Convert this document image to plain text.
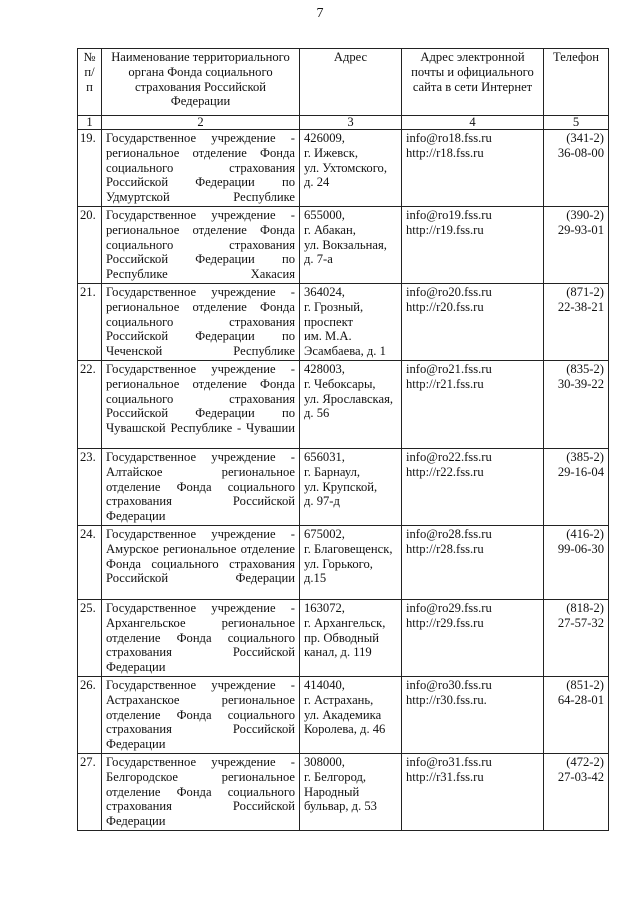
7
№ п/п	Наименование территориального органа Фонда социального страхования Российской Федерации	Адрес	Адрес электронной почты и официального сайта в сети Интернет	Телефон
1	2	3	4	5
19.	Государственное учреждение - региональное отделение Фонда социального страхования Российской Федерации по Удмуртской Республике	426009,
г. Ижевск,
ул. Ухтомского,
д. 24	info@ro18.fss.ru
http://r18.fss.ru	(341-2)
36-08-00

20.	Государственное учреждение - региональное отделение Фонда социального страхования Российской Федерации по Республике Хакасия	655000,
г. Абакан,
ул. Вокзальная,
д. 7-а	info@ro19.fss.ru
http://r19.fss.ru	(390-2)
29-93-01

21.	Государственное учреждение - региональное отделение Фонда социального страхования Российской Федерации по Чеченской Республике	364024,
г. Грозный,
проспект
им. М.А.
Эсамбаева, д. 1	info@ro20.fss.ru
http://r20.fss.ru	(871-2)
22-38-21

22.	Государственное учреждение - региональное отделение Фонда социального страхования Российской Федерации по Чувашской Республике - Чувашии	428003,
г. Чебоксары,
ул. Ярославская,
д. 56	info@ro21.fss.ru
http://r21.fss.ru	(835-2)
30-39-22

23.	Государственное учреждение - Алтайское региональное отделение Фонда социального страхования Российской Федерации	656031,
г. Барнаул,
ул. Крупской,
д. 97-д	info@ro22.fss.ru
http://r22.fss.ru	(385-2)
29-16-04

24.	Государственное учреждение - Амурское региональное отделение Фонда социального страхования Российской Федерации	675002,
г. Благовещенск,
ул. Горького,
д.15	info@ro28.fss.ru
http://r28.fss.ru	(416-2)
99-06-30

25.	Государственное учреждение - Архангельское региональное отделение Фонда социального страхования Российской Федерации	163072,
г. Архангельск,
пр. Обводный
канал, д. 119	info@ro29.fss.ru
http://r29.fss.ru	(818-2)
27-57-32

26.	Государственное учреждение - Астраханское региональное отделение Фонда социального страхования Российской Федерации	414040,
г. Астрахань,
ул. Академика
Королева, д. 46	info@ro30.fss.ru
http://r30.fss.ru.	(851-2)
64-28-01

27.	Государственное учреждение - Белгородское региональное отделение Фонда социального страхования Российской Федерации	308000,
г. Белгород,
Народный
бульвар, д. 53	info@ro31.fss.ru
http://r31.fss.ru	(472-2)
27-03-42
